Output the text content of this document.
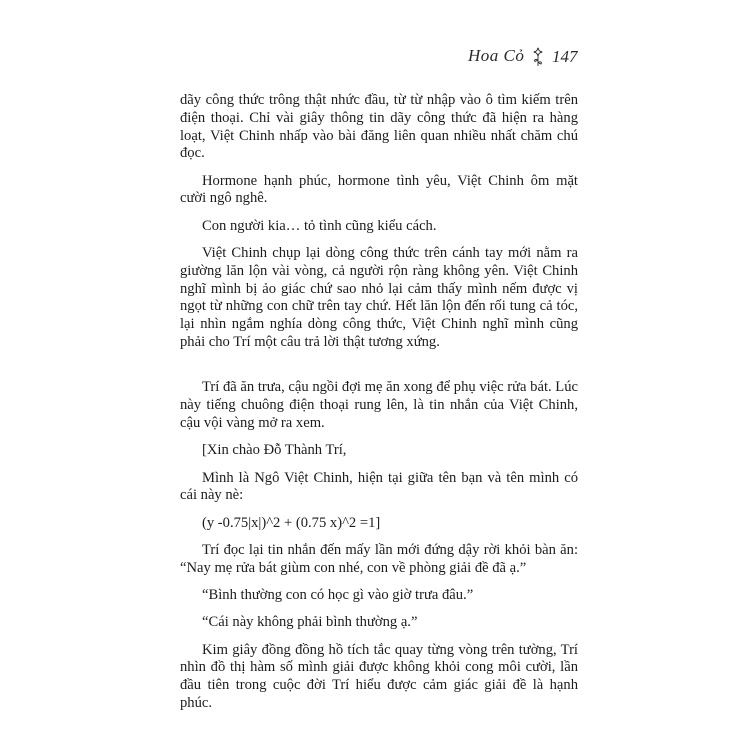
Hoa Cỏ 147

dãy công thức trông thật nhức đầu, từ từ nhập vào ô tìm kiếm trên điện thoại. Chỉ vài giây thông tin dãy công thức đã hiện ra hàng loạt, Việt Chinh nhấp vào bài đăng liên quan nhiều nhất chăm chú đọc.

Hormone hạnh phúc, hormone tình yêu, Việt Chinh ôm mặt cười ngô nghê.

Con người kia… tỏ tình cũng kiểu cách.

Việt Chinh chụp lại dòng công thức trên cánh tay mới nằm ra giường lăn lộn vài vòng, cả người rộn ràng không yên. Việt Chinh nghĩ mình bị ảo giác chứ sao nhỏ lại cảm thấy mình nếm được vị ngọt từ những con chữ trên tay chứ. Hết lăn lộn đến rối tung cả tóc, lại nhìn ngắm nghía dòng công thức, Việt Chinh nghĩ mình cũng phải cho Trí một câu trả lời thật tương xứng.

Trí đã ăn trưa, cậu ngồi đợi mẹ ăn xong để phụ việc rửa bát. Lúc này tiếng chuông điện thoại rung lên, là tin nhắn của Việt Chinh, cậu vội vàng mở ra xem.

[Xin chào Đỗ Thành Trí,

Mình là Ngô Việt Chinh, hiện tại giữa tên bạn và tên mình có cái này nè:

(y -0.75|x|)^2 + (0.75 x)^2 =1]

Trí đọc lại tin nhắn đến mấy lần mới đứng dậy rời khỏi bàn ăn: “Nay mẹ rửa bát giùm con nhé, con về phòng giải đề đã ạ.”

“Bình thường con có học gì vào giờ trưa đâu.”

“Cái này không phải bình thường ạ.”

Kim giây đồng đồng hồ tích tắc quay từng vòng trên tường, Trí nhìn đồ thị hàm số mình giải được không khỏi cong môi cười, lần đầu tiên trong cuộc đời Trí hiểu được cảm giác giải đề là hạnh phúc.
